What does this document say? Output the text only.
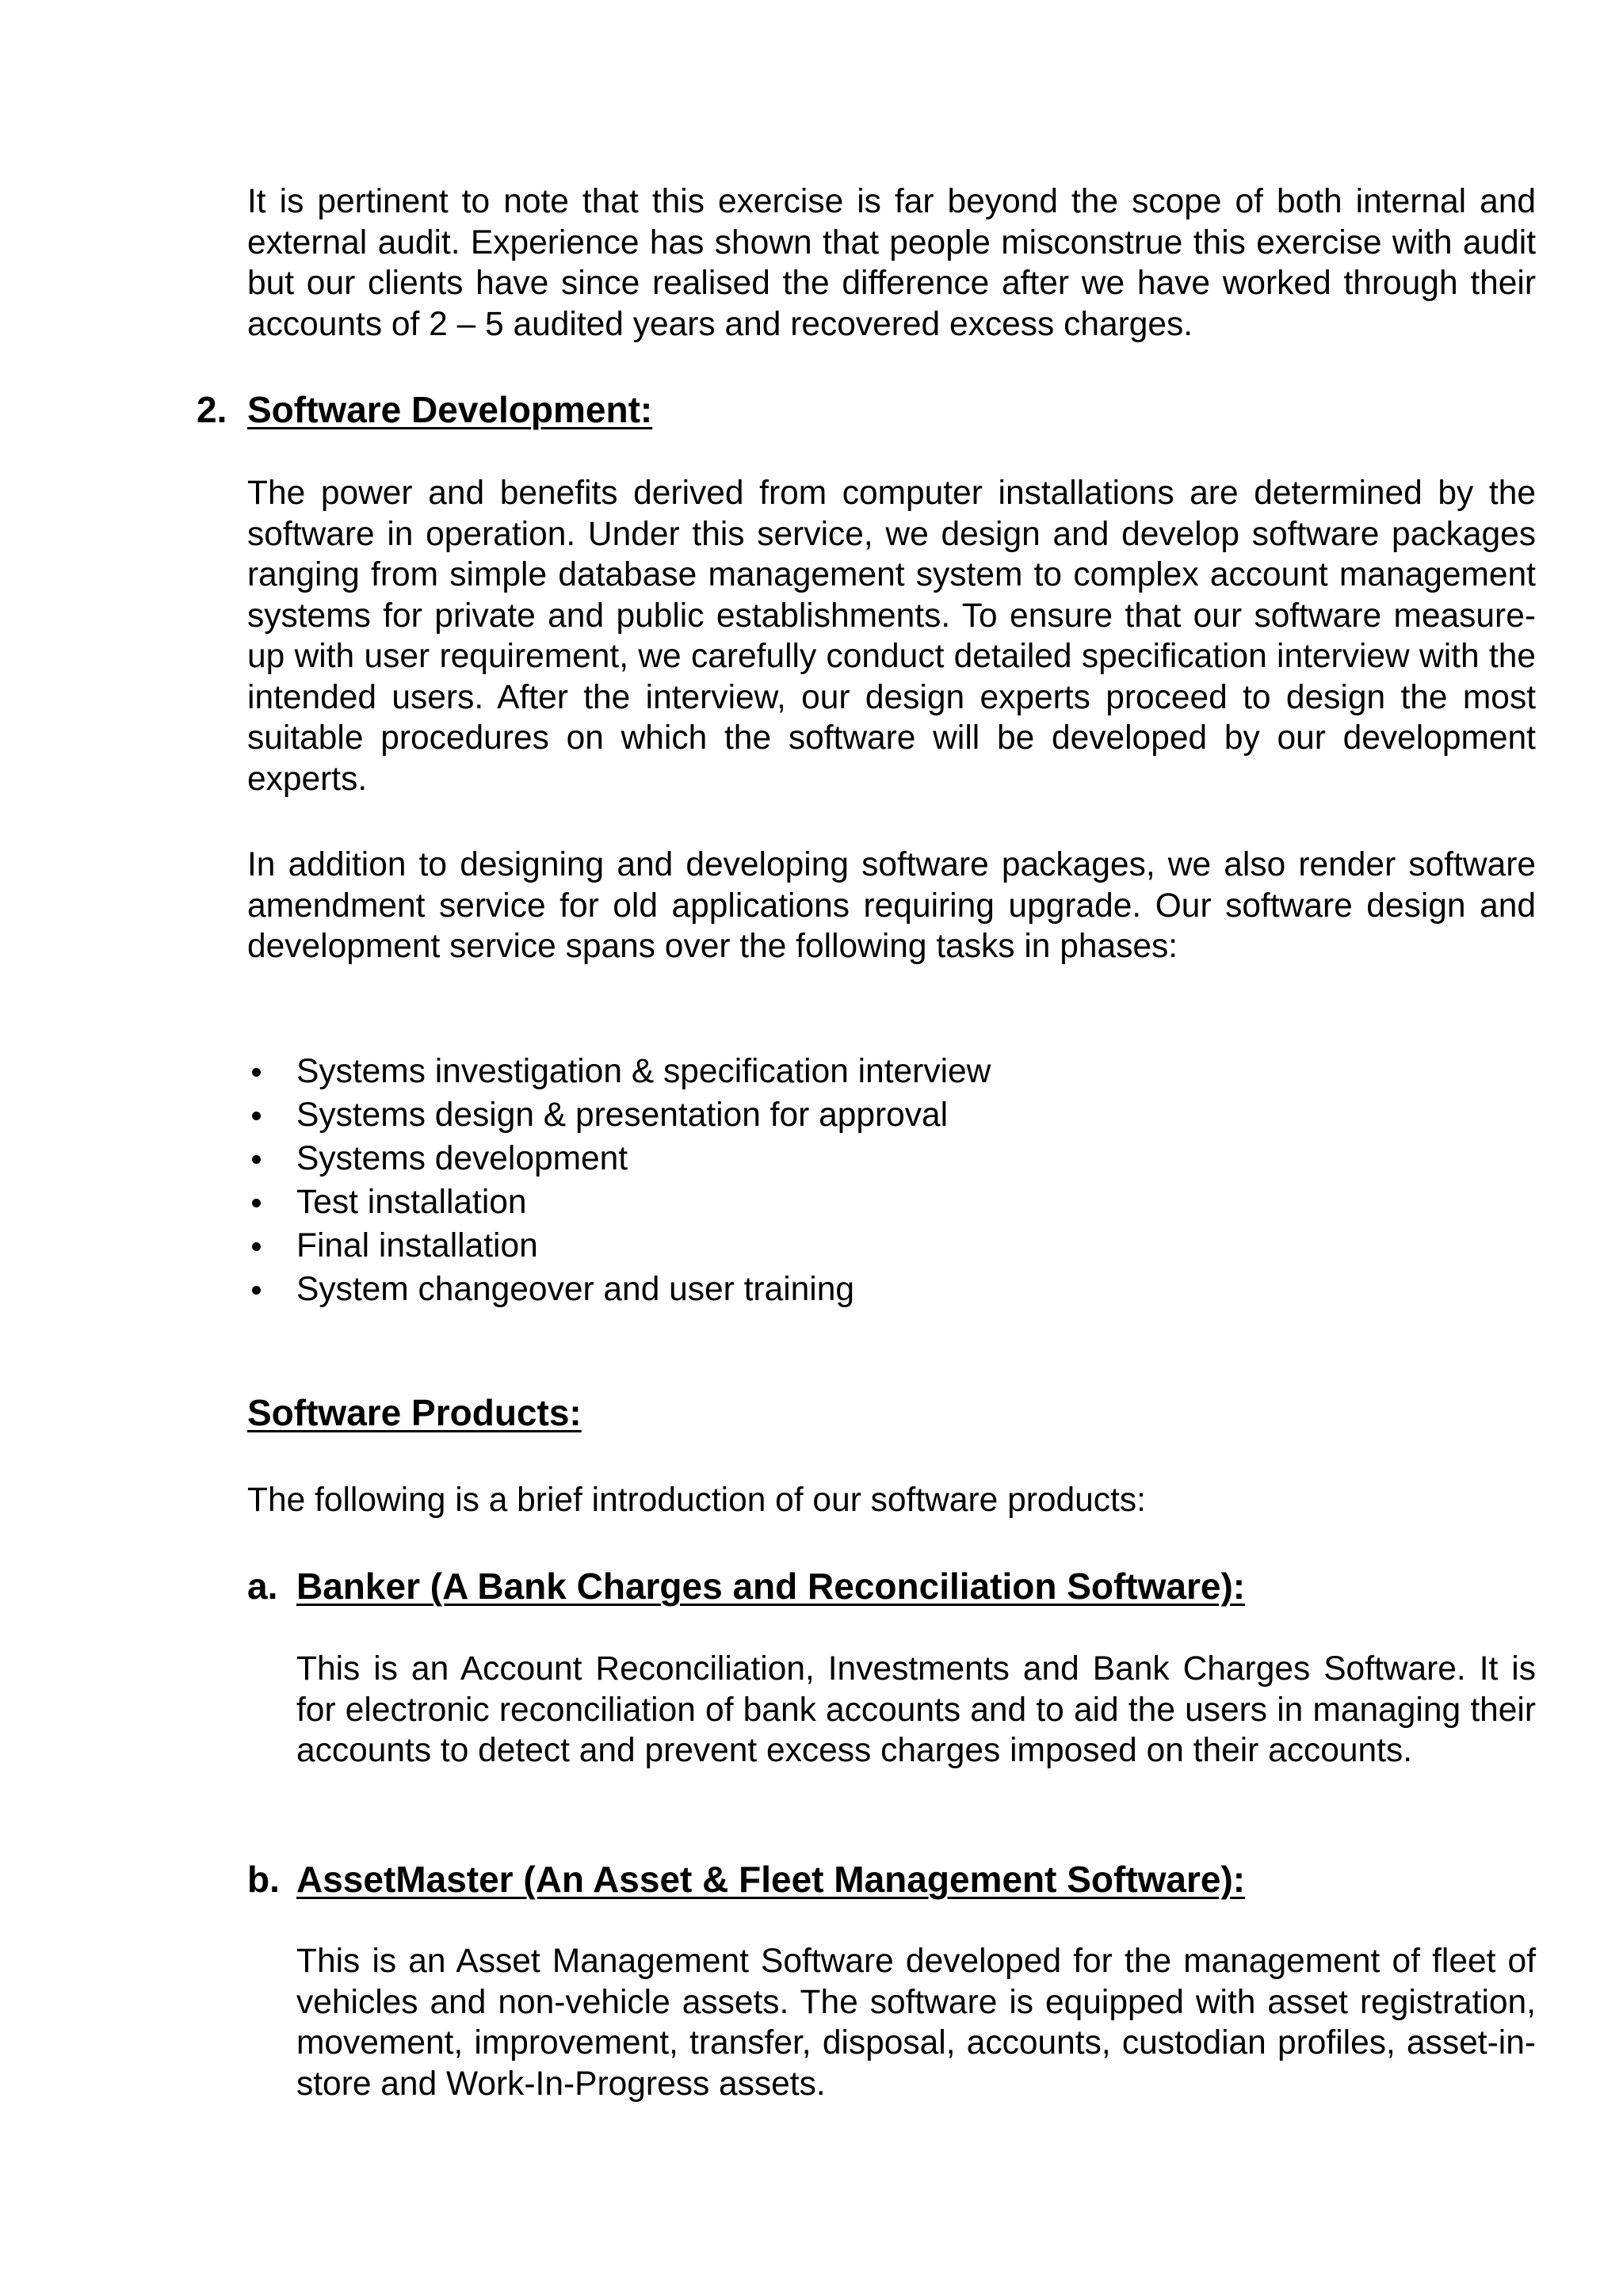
It is pertinent to note that this exercise is far beyond the scope of both internal and external audit. Experience has shown that people misconstrue this exercise with audit but our clients have since realised the difference after we have worked through their accounts of 2 – 5 audited years and recovered excess charges.

2. Software Development:

The power and benefits derived from computer installations are determined by the software in operation. Under this service, we design and develop software packages ranging from simple database management system to complex account management systems for private and public establishments. To ensure that our software measure-up with user requirement, we carefully conduct detailed specification interview with the intended users. After the interview, our design experts proceed to design the most suitable procedures on which the software will be developed by our development experts.

In addition to designing and developing software packages, we also render software amendment service for old applications requiring upgrade. Our software design and development service spans over the following tasks in phases:

Systems investigation & specification interview
Systems design & presentation for approval
Systems development
Test installation
Final installation
System changeover and user training
Software Products:

The following is a brief introduction of our software products:

a. Banker (A Bank Charges and Reconciliation Software):

This is an Account Reconciliation, Investments and Bank Charges Software. It is for electronic reconciliation of bank accounts and to aid the users in managing their accounts to detect and prevent excess charges imposed on their accounts.

b. AssetMaster (An Asset & Fleet Management Software):

This is an Asset Management Software developed for the management of fleet of vehicles and non-vehicle assets. The software is equipped with asset registration, movement, improvement, transfer, disposal, accounts, custodian profiles, asset-in-store and Work-In-Progress assets.
